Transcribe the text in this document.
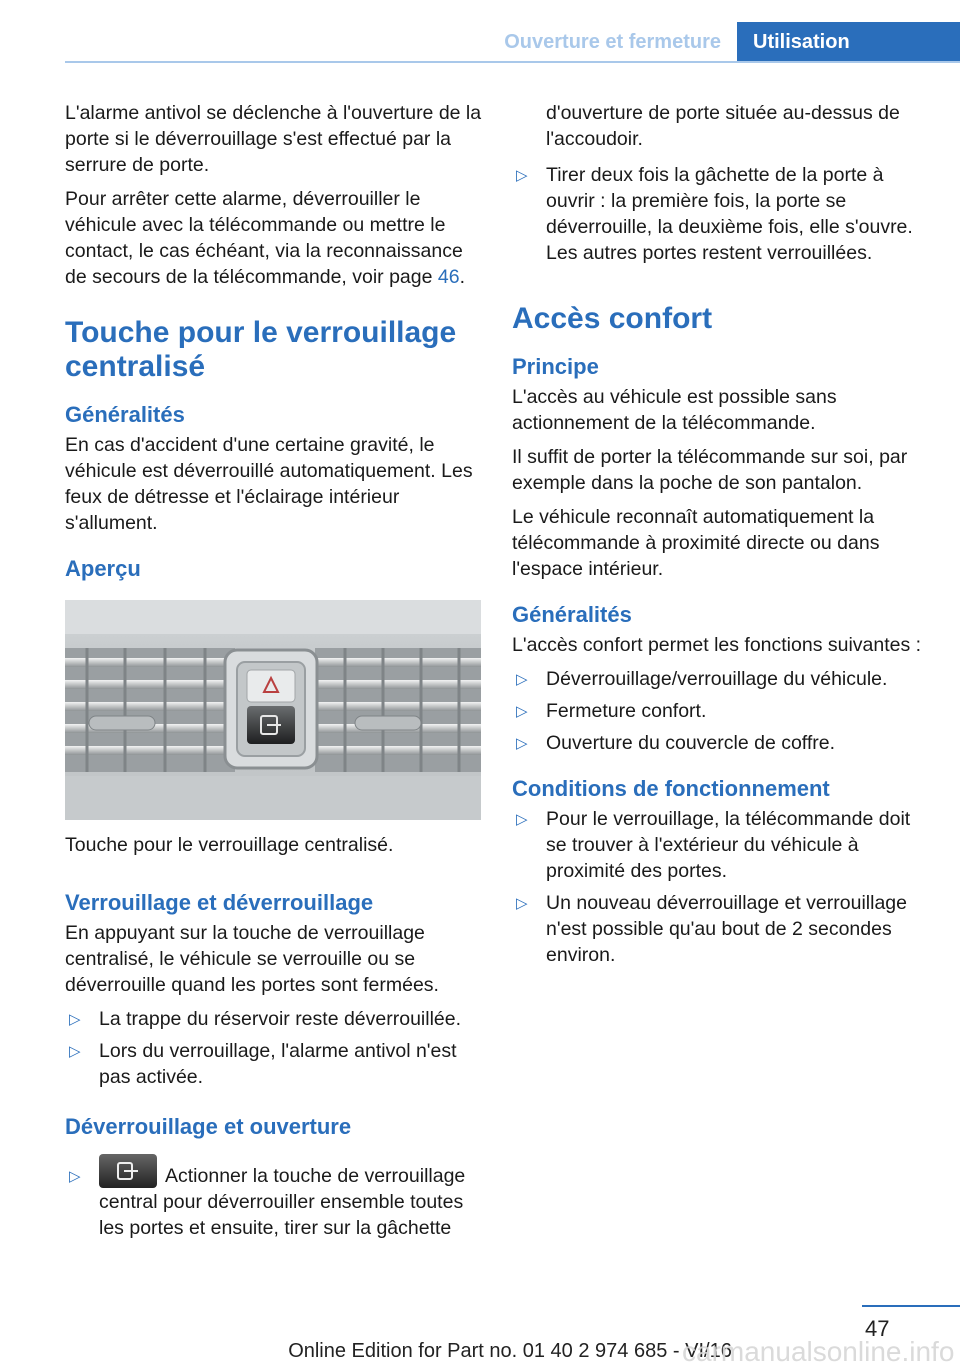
Ouverture et fermeture	Utilisation

L'alarme antivol se déclenche à l'ouverture de la porte si le déverrouillage s'est effectué par la serrure de porte.

Pour arrêter cette alarme, déverrouiller le véhicule avec la télécommande ou mettre le contact, le cas échéant, via la reconnaissance de secours de la télécommande, voir page 46.

Touche pour le verrouillage centralisé
Généralités

En cas d'accident d'une certaine gravité, le véhicule est déverrouillé automatiquement. Les feux de détresse et l'éclairage intérieur s'allument.

Aperçu

Touche pour le verrouillage centralisé.

Verrouillage et déverrouillage

En appuyant sur la touche de verrouillage centralisé, le véhicule se verrouille ou se déverrouille quand les portes sont fermées.

▷ La trappe du réservoir reste déverrouillée.
▷ Lors du verrouillage, l'alarme antivol n'est pas activée.
Déverrouillage et ouverture
▷	Actionner la touche de verrouillage central pour déverrouiller ensemble toutes les portes et ensuite, tirer sur la gâchette
d'ouverture de porte située au-dessus de l'accoudoir.
▷ Tirer deux fois la gâchette de la porte à ouvrir : la première fois, la porte se déverrouille, la deuxième fois, elle s'ouvre. Les autres portes restent verrouillées.
Accès confort
Principe

L'accès au véhicule est possible sans actionnement de la télécommande.

Il suffit de porter la télécommande sur soi, par exemple dans la poche de son pantalon.

Le véhicule reconnaît automatiquement la télécommande à proximité directe ou dans l'espace intérieur.

Généralités

L'accès confort permet les fonctions suivantes :

▷ Déverrouillage/verrouillage du véhicule.
▷ Fermeture confort.
▷ Ouverture du couvercle de coffre.
Conditions de fonctionnement
▷ Pour le verrouillage, la télécommande doit se trouver à l'extérieur du véhicule à proximité des portes.
▷ Un nouveau déverrouillage et verrouillage n'est possible qu'au bout de 2 secondes environ.
47
Online Edition for Part no. 01 40 2 974 685 - VI/16
carmanualsonline.info
